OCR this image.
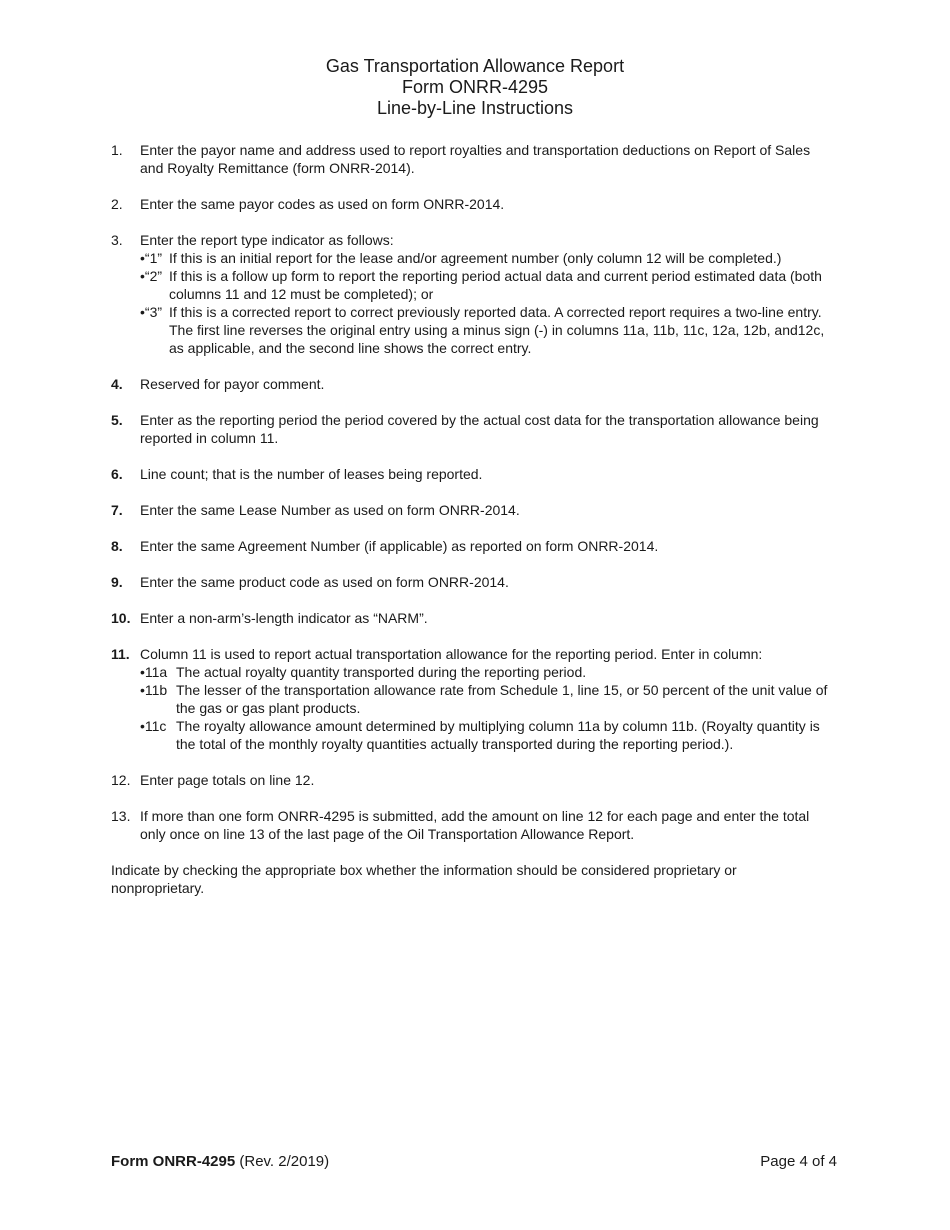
Gas Transportation Allowance Report
Form ONRR-4295
Line-by-Line Instructions
1.	Enter the payor name and address used to report royalties and transportation deductions on Report of Sales and Royalty Remittance (form ONRR-2014).
2.	Enter the same payor codes as used on form ONRR-2014.
3.	Enter the report type indicator as follows:
•“1” If this is an initial report for the lease and/or agreement number (only column 12 will be completed.)
•“2” If this is a follow up form to report the reporting period actual data and current period estimated data (both columns 11 and 12 must be completed); or
•“3” If this is a corrected report to correct previously reported data. A corrected report requires a two-line entry. The first line reverses the original entry using a minus sign (-) in columns 11a, 11b, 11c, 12a, 12b, and12c, as applicable, and the second line shows the correct entry.
4.	Reserved for payor comment.
5.	Enter as the reporting period the period covered by the actual cost data for the transportation allowance being reported in column 11.
6.	Line count; that is the number of leases being reported.
7.	Enter the same Lease Number as used on form ONRR-2014.
8.	Enter the same Agreement Number (if applicable) as reported on form ONRR-2014.
9.	Enter the same product code as used on form ONRR-2014.
10. Enter a non-arm’s-length indicator as “NARM”.
11. Column 11 is used to report actual transportation allowance for the reporting period. Enter in column:
•11a The actual royalty quantity transported during the reporting period.
•11b The lesser of the transportation allowance rate from Schedule 1, line 15, or 50 percent of the unit value of the gas or gas plant products.
•11c The royalty allowance amount determined by multiplying column 11a by column 11b. (Royalty quantity is the total of the monthly royalty quantities actually transported during the reporting period.).
12. Enter page totals on line 12.
13. If more than one form ONRR-4295 is submitted, add the amount on line 12 for each page and enter the total only once on line 13 of the last page of the Oil Transportation Allowance Report.
Indicate by checking the appropriate box whether the information should be considered proprietary or nonproprietary.
Form ONRR-4295 (Rev. 2/2019)	Page 4 of 4
